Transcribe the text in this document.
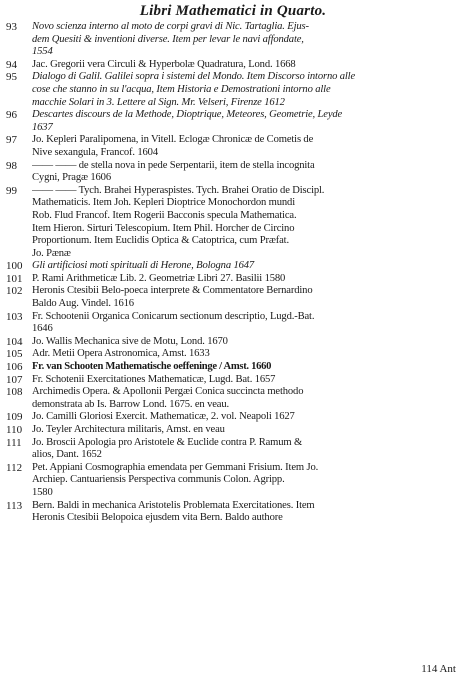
Libri Mathematici in Quarto.
93	Novo scienza interno al moto de corpi gravi di Nic. Tartaglia. Ejus-
dem Quesiti & inventioni diverse. Item per levar le navi affondate,
1554
94	Jac. Gregorii vera Circuli & Hyperbolæ Quadratura, Lond. 1668
95	Dialogo di Galil. Galilei sopra i sistemi del Mondo. Item Discorso intorno alle
cose che stanno in su l'acqua, Item Historia e Demostrationi intorno alle
macchie Solari in 3. Lettere al Sign. Mr. Velseri, Firenze 1612
96	Descartes discours de la Methode, Dioptrique, Meteores, Geometrie, Leyde
1637
97	Jo. Kepleri Paralipomena, in Vitell. Eclogæ Chronicæ de Cometis de
Nive sexangula, Francof. 1604
98	—— —— de stella nova in pede Serpentarii, item de stella incognita
Cygni, Pragæ 1606
99	—— —— Tych. Brahei Hyperaspistes. Tych. Brahei Oratio de Discipl.
Mathematicis. Item Joh. Kepleri Dioptrice Monochordon mundi
Rob. Flud Francof. Item Rogerii Bacconis specula Mathematica.
Item Hieron. Sirturi Telescopium. Item Phil. Horcher de Circino
Proportionum. Item Euclidis Optica & Catoptrica, cum Præfat.
Jo. Pænæ
100 Gli artificiosi moti spirituali di Herone, Bologna 1647
101 P. Rami Arithmeticæ Lib. 2. Geometriæ Libri 27. Basilii 1580
102 Heronis Ctesibii Belo-poeca interprete & Commentatore Bernardino
Baldo Aug. Vindel. 1616
103 Fr. Schootenii Organica Conicarum sectionum descriptio, Lugd.-Bat.
1646
104 Jo. Wallis Mechanica sive de Motu, Lond. 1670
105 Adr. Metii Opera Astronomica, Amst. 1633
106 Fr. van Schooten Mathematische oeffeninge / Amst. 1660
107 Fr. Schotenii Exercitationes Mathematicæ, Lugd. Bat. 1657
108 Archimedis Opera. & Apollonii Pergæi Conica succincta methodo
demonstrata ab Is. Barrow Lond. 1675. en veau.
109 Jo. Camilli Gloriosi Exercit. Mathematicæ, 2. vol. Neapoli 1627
110 Jo. Teyler Architectura militaris, Amst. en veau
111 Jo. Broscii Apologia pro Aristotele & Euclide contra P. Ramum &
alios, Dant. 1652
112 Pet. Appiani Cosmographia emendata per Gemmani Frisium. Item Jo.
Archiep. Cantuariensis Perspectiva communis Colon. Agripp.
1580
113 Bern. Baldi in mechanica Aristotelis Problemata Exercitationes. Item
Heronis Ctesibii Belopoica ejusdem vita Bern. Baldo authore
114 Ant
